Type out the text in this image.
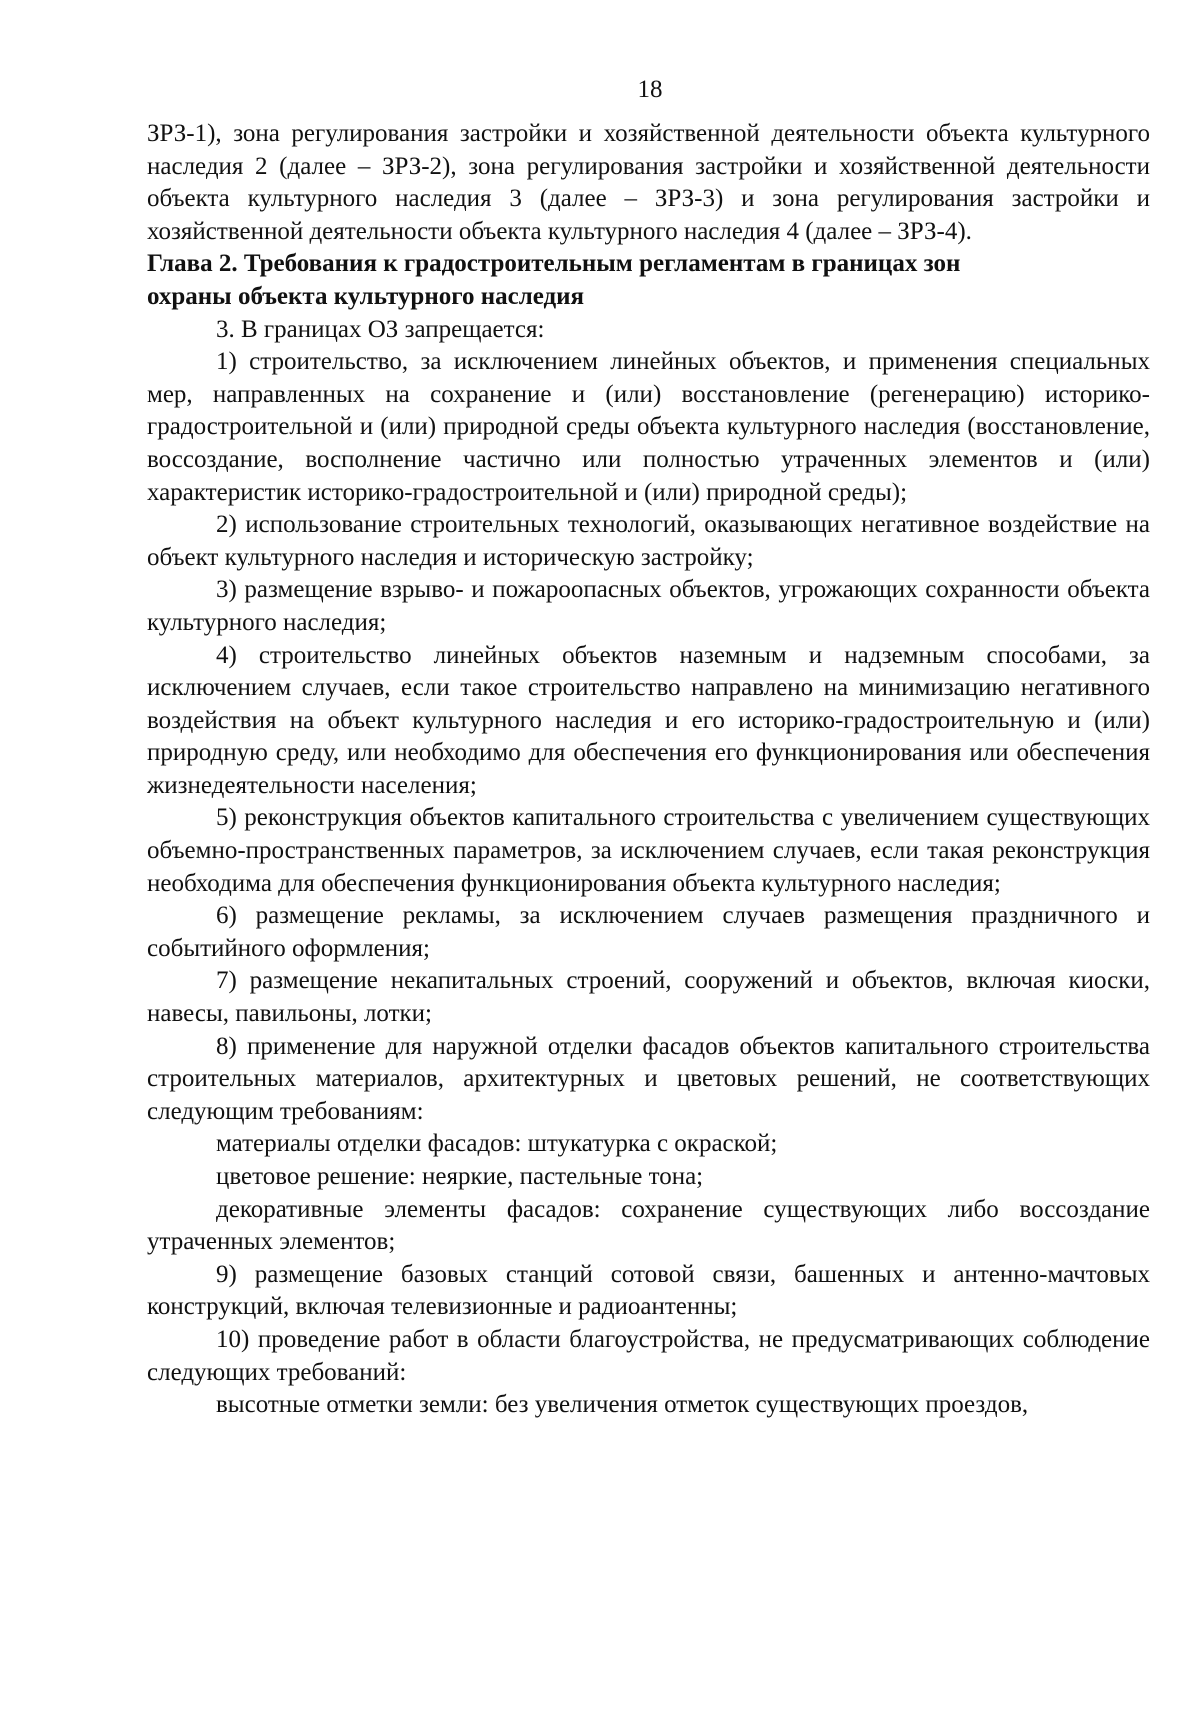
18

ЗРЗ-1), зона регулирования застройки и хозяйственной деятельности объекта культурного наследия 2 (далее – ЗРЗ-2), зона регулирования застройки и хозяйственной деятельности объекта культурного наследия 3 (далее – ЗРЗ-3) и зона регулирования застройки и хозяйственной деятельности объекта культурного наследия 4 (далее – ЗРЗ-4).

Глава 2. Требования к градостроительным регламентам в границах зон
охраны объекта культурного наследия

3. В границах ОЗ запрещается:

1) строительство, за исключением линейных объектов, и применения специальных мер, направленных на сохранение и (или) восстановление (регенерацию) историко-градостроительной и (или) природной среды объекта культурного наследия (восстановление, воссоздание, восполнение частично или полностью утраченных элементов и (или) характеристик историко-градостроительной и (или) природной среды);

2) использование строительных технологий, оказывающих негативное воздействие на объект культурного наследия и историческую застройку;

3) размещение взрыво- и пожароопасных объектов, угрожающих сохранности объекта культурного наследия;

4) строительство линейных объектов наземным и надземным способами, за исключением случаев, если такое строительство направлено на минимизацию негативного воздействия на объект культурного наследия и его историко-градостроительную и (или) природную среду, или необходимо для обеспечения его функционирования или обеспечения жизнедеятельности населения;

5) реконструкция объектов капитального строительства с увеличением существующих объемно-пространственных параметров, за исключением случаев, если такая реконструкция необходима для обеспечения функционирования объекта культурного наследия;

6) размещение рекламы, за исключением случаев размещения праздничного и событийного оформления;

7) размещение некапитальных строений, сооружений и объектов, включая киоски, навесы, павильоны, лотки;

8) применение для наружной отделки фасадов объектов капитального строительства строительных материалов, архитектурных и цветовых решений, не соответствующих следующим требованиям:

материалы отделки фасадов: штукатурка с окраской;

цветовое решение: неяркие, пастельные тона;

декоративные элементы фасадов: сохранение существующих либо воссоздание утраченных элементов;

9) размещение базовых станций сотовой связи, башенных и антенно-мачтовых конструкций, включая телевизионные и радиоантенны;

10) проведение работ в области благоустройства, не предусматривающих соблюдение следующих требований:

высотные отметки земли: без увеличения отметок существующих проездов,
